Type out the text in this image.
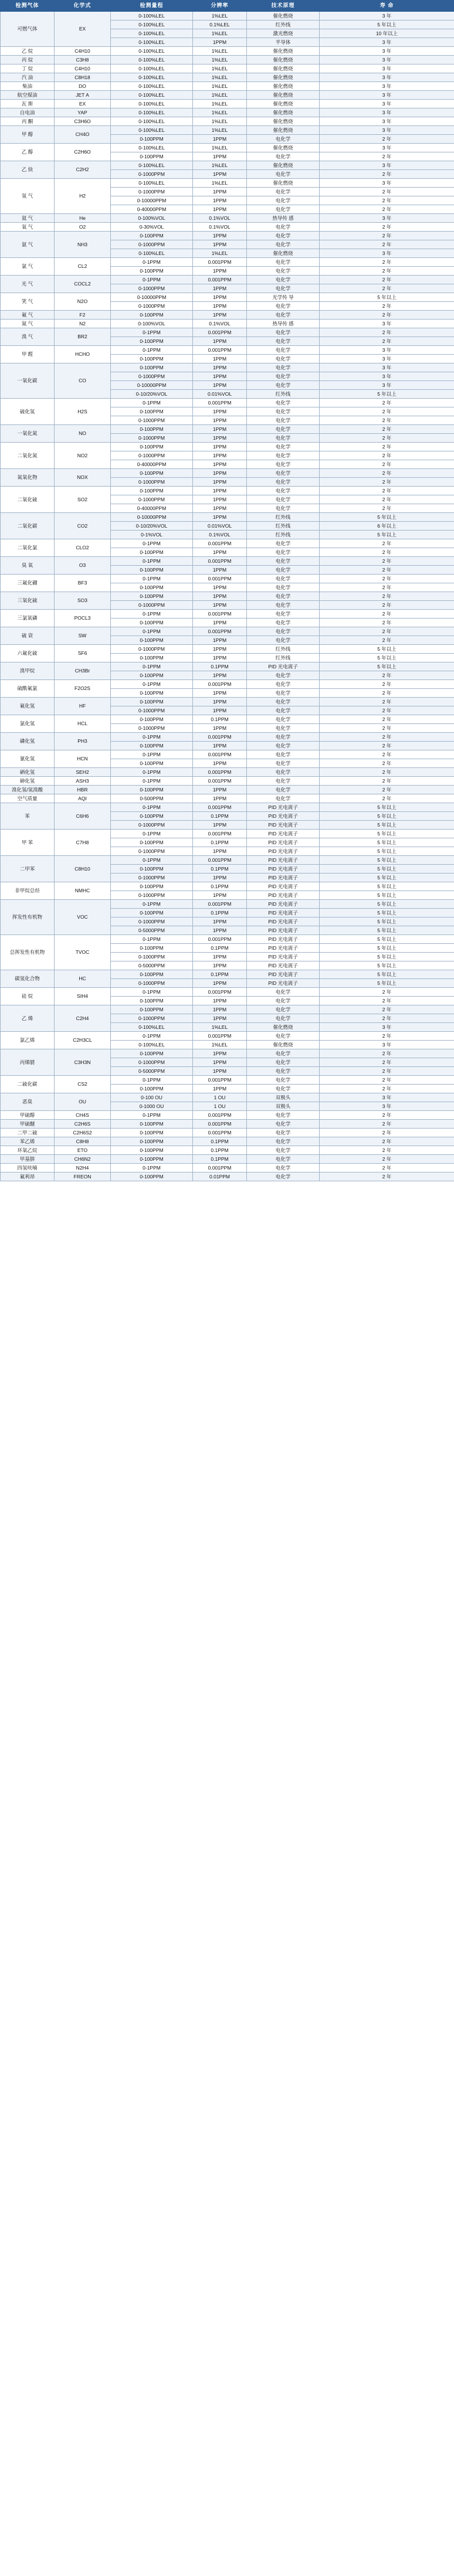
检测气体	化学式	检测量程	分辨率	技术原理	寿 命
可燃气体	EX	0-100%LEL	1%LEL	催化燃烧	3 年
		0-100%LEL	0.1%LEL	红外线	5 年以上
		0-100%LEL	1%LEL	激光燃烧	10 年以上
		0-100%LEL	1PPM	半导体	3 年
乙 烷	C4H10	0-100%LEL	1%LEL	催化燃烧	3 年
丙 烷	C3H8	0-100%LEL	1%LEL	催化燃烧	3 年
丁 烷	C4H10	0-100%LEL	1%LEL	催化燃烧	3 年
汽 油	C8H18	0-100%LEL	1%LEL	催化燃烧	3 年
柴油	DO	0-100%LEL	1%LEL	催化燃烧	3 年
航空煤油	JET A	0-100%LEL	1%LEL	催化燃烧	3 年
瓦 斯	EX	0-100%LEL	1%LEL	催化燃烧	3 年
自电油	YAP	0-100%LEL	1%LEL	催化燃烧	3 年
丙 酮	C3H6O	0-100%LEL	1%LEL	催化燃烧	3 年
甲 醇	CH4O	0-100%LEL	1%LEL	催化燃烧	3 年
		0-100PPM	1PPM	电化学	2 年
乙 醇	C2H6O	0-100%LEL	1%LEL	催化燃烧	3 年
		0-100PPM	1PPM	电化学	2 年
乙 炔	C2H2	0-100%LEL	1%LEL	催化燃烧	3 年
		0-1000PPM	1PPM	电化学	2 年
氢 气	H2	0-100%LEL	1%LEL	催化燃烧	3 年
		0-1000PPM	1PPM	电化学	2 年
		0-10000PPM	1PPM	电化学	2 年
		0-40000PPM	1PPM	电化学	2 年
氦 气	He	0-100%VOL	0.1%VOL	热导传 感	3 年
氧 气	O2	0-30%VOL	0.1%VOL	电化学	2 年
氨 气	NH3	0-100PPM	1PPM	电化学	2 年
		0-1000PPM	1PPM	电化学	2 年
		0-100%LEL	1%LEL	催化燃烧	3 年
氯 气	CL2	0-1PPM	0.001PPM	电化学	2 年
		0-100PPM	1PPM	电化学	2 年
光 气	COCL2	0-1PPM	0.001PPM	电化学	2 年
		0-1000PPM	1PPM	电化学	2 年
笑 气	N2O	0-10000PPM	1PPM	光学传 导	5 年以上
		0-1000PPM	1PPM	电化学	2 年
氟 气	F2	0-100PPM	1PPM	电化学	2 年
氮 气	N2	0-100%VOL	0.1%VOL	热导传 感	3 年
溴 气	BR2	0-1PPM	0.001PPM	电化学	2 年
		0-100PPM	1PPM	电化学	2 年
甲 醛	HCHO	0-1PPM	0.001PPM	电化学	3 年
		0-100PPM	1PPM	电化学	3 年
一氧化碳	CO	0-100PPM	1PPM	电化学	3 年
		0-1000PPM	1PPM	电化学	3 年
		0-10000PPM	1PPM	电化学	3 年
		0-10/20%VOL	0.01%VOL	红外线	5 年以上
硫化氢	H2S	0-1PPM	0.001PPM	电化学	2 年
		0-100PPM	1PPM	电化学	2 年
		0-1000PPM	1PPM	电化学	2 年
一氧化氮	NO	0-100PPM	1PPM	电化学	2 年
		0-1000PPM	1PPM	电化学	2 年
二氧化氮	NO2	0-100PPM	1PPM	电化学	2 年
		0-1000PPM	1PPM	电化学	2 年
		0-40000PPM	1PPM	电化学	2 年
氮氧化物	NOX	0-100PPM	1PPM	电化学	2 年
		0-1000PPM	1PPM	电化学	2 年
二氧化硫	SO2	0-100PPM	1PPM	电化学	2 年
		0-1000PPM	1PPM	电化学	2 年
		0-40000PPM	1PPM	电化学	2 年
二氧化碳	CO2	0-10000PPM	1PPM	红外线	5 年以上
		0-10/20%VOL	0.01%VOL	红外线	6 年以上
		0-1%VOL	0.1%VOL	红外线	5 年以上
二氧化氯	CLO2	0-1PPM	0.001PPM	电化学	2 年
		0-100PPM	1PPM	电化学	2 年
臭 氧	O3	0-1PPM	0.001PPM	电化学	2 年
		0-100PPM	1PPM	电化学	2 年
三氟化硼	BF3	0-1PPM	0.001PPM	电化学	2 年
		0-100PPM	1PPM	电化学	2 年
三氧化硫	SO3	0-100PPM	1PPM	电化学	2 年
		0-1000PPM	1PPM	电化学	2 年
三氯氧磷	POCL3	0-1PPM	0.001PPM	电化学	2 年
		0-100PPM	1PPM	电化学	2 年
硫 衰	SW	0-1PPM	0.001PPM	电化学	2 年
		0-100PPM	1PPM	电化学	2 年
六氟化硫	SF6	0-1000PPM	1PPM	红外线	5 年以上
		0-100PPM	1PPM	红外线	5 年以上
溴甲烷	CH3Br	0-1PPM	0.1PPM	PID 光电离子	5 年以上
		0-100PPM	1PPM	电化学	2 年
硫酰氟氯	F2O2S	0-1PPM	0.001PPM	电化学	2 年
		0-100PPM	1PPM	电化学	2 年
氟化氢	HF	0-100PPM	1PPM	电化学	2 年
		0-1000PPM	1PPM	电化学	2 年
氯化氢	HCL	0-100PPM	0.1PPM	电化学	2 年
		0-1000PPM	1PPM	电化学	2 年
磷化氢	PH3	0-1PPM	0.001PPM	电化学	2 年
		0-100PPM	1PPM	电化学	2 年
氰化氢	HCN	0-1PPM	0.001PPM	电化学	2 年
		0-100PPM	1PPM	电化学	2 年
硒化氢	SEH2	0-1PPM	0.001PPM	电化学	2 年
砷化氢	ASH3	0-1PPM	0.001PPM	电化学	2 年
溴化氢/氢溴酸	HBR	0-100PPM	1PPM	电化学	2 年
空气质量	AQI	0-500PPM	1PPM	电化学	2 年
苯	C6H6	0-1PPM	0.001PPM	PID 光电离子	5 年以上
		0-100PPM	0.1PPM	PID 光电离子	5 年以上
		0-1000PPM	1PPM	PID 光电离子	5 年以上
甲 苯	C7H8	0-1PPM	0.001PPM	PID 光电离子	5 年以上
		0-100PPM	0.1PPM	PID 光电离子	5 年以上
		0-1000PPM	1PPM	PID 光电离子	5 年以上
二甲苯	C8H10	0-1PPM	0.001PPM	PID 光电离子	5 年以上
		0-100PPM	0.1PPM	PID 光电离子	5 年以上
		0-1000PPM	1PPM	PID 光电离子	5 年以上
非甲烷总烃	NMHC	0-100PPM	0.1PPM	PID 光电离子	5 年以上
		0-1000PPM	1PPM	PID 光电离子	5 年以上
挥发性有机物	VOC	0-1PPM	0.001PPM	PID 光电离子	5 年以上
		0-100PPM	0.1PPM	PID 光电离子	5 年以上
		0-1000PPM	1PPM	PID 光电离子	5 年以上
		0-5000PPM	1PPM	PID 光电离子	5 年以上
总挥发性有机物	TVOC	0-1PPM	0.001PPM	PID 光电离子	5 年以上
		0-100PPM	0.1PPM	PID 光电离子	5 年以上
		0-1000PPM	1PPM	PID 光电离子	5 年以上
		0-5000PPM	1PPM	PID 光电离子	5 年以上
碳氢化合物	HC	0-100PPM	0.1PPM	PID 光电离子	5 年以上
		0-1000PPM	1PPM	PID 光电离子	5 年以上
硅 烷	SIH4	0-1PPM	0.001PPM	电化学	2 年
		0-100PPM	1PPM	电化学	2 年
乙 烯	C2H4	0-100PPM	1PPM	电化学	2 年
		0-1000PPM	1PPM	电化学	2 年
		0-100%LEL	1%LEL	催化燃烧	3 年
氯乙烯	C2H3CL	0-1PPM	0.001PPM	电化学	2 年
		0-100%LEL	1%LEL	催化燃烧	3 年
丙烯腈	C3H3N	0-100PPM	1PPM	电化学	2 年
		0-1000PPM	1PPM	电化学	2 年
		0-5000PPM	1PPM	电化学	2 年
二硫化碳	CS2	0-1PPM	0.001PPM	电化学	2 年
		0-100PPM	1PPM	电化学	2 年
恶臭	OU	0-100 OU	1 OU	双极头	3 年
		0-1000 OU	1 OU	双极头	3 年
甲硫醇	CH4S	0-1PPM	0.001PPM	电化学	2 年
甲硫醚	C2H6S	0-100PPM	0.001PPM	电化学	2 年
二甲二硫	C2H6S2	0-100PPM	0.001PPM	电化学	2 年
苯乙烯	C8H8	0-100PPM	0.1PPM	电化学	2 年
环氧乙烷	ETO	0-100PPM	0.1PPM	电化学	2 年
甲基肼	CH6N2	0-100PPM	0.1PPM	电化学	2 年
四氢呋喃	N2H4	0-1PPM	0.001PPM	电化学	2 年
氟利昂	FREON	0-100PPM	0.01PPM	电化学	2 年
